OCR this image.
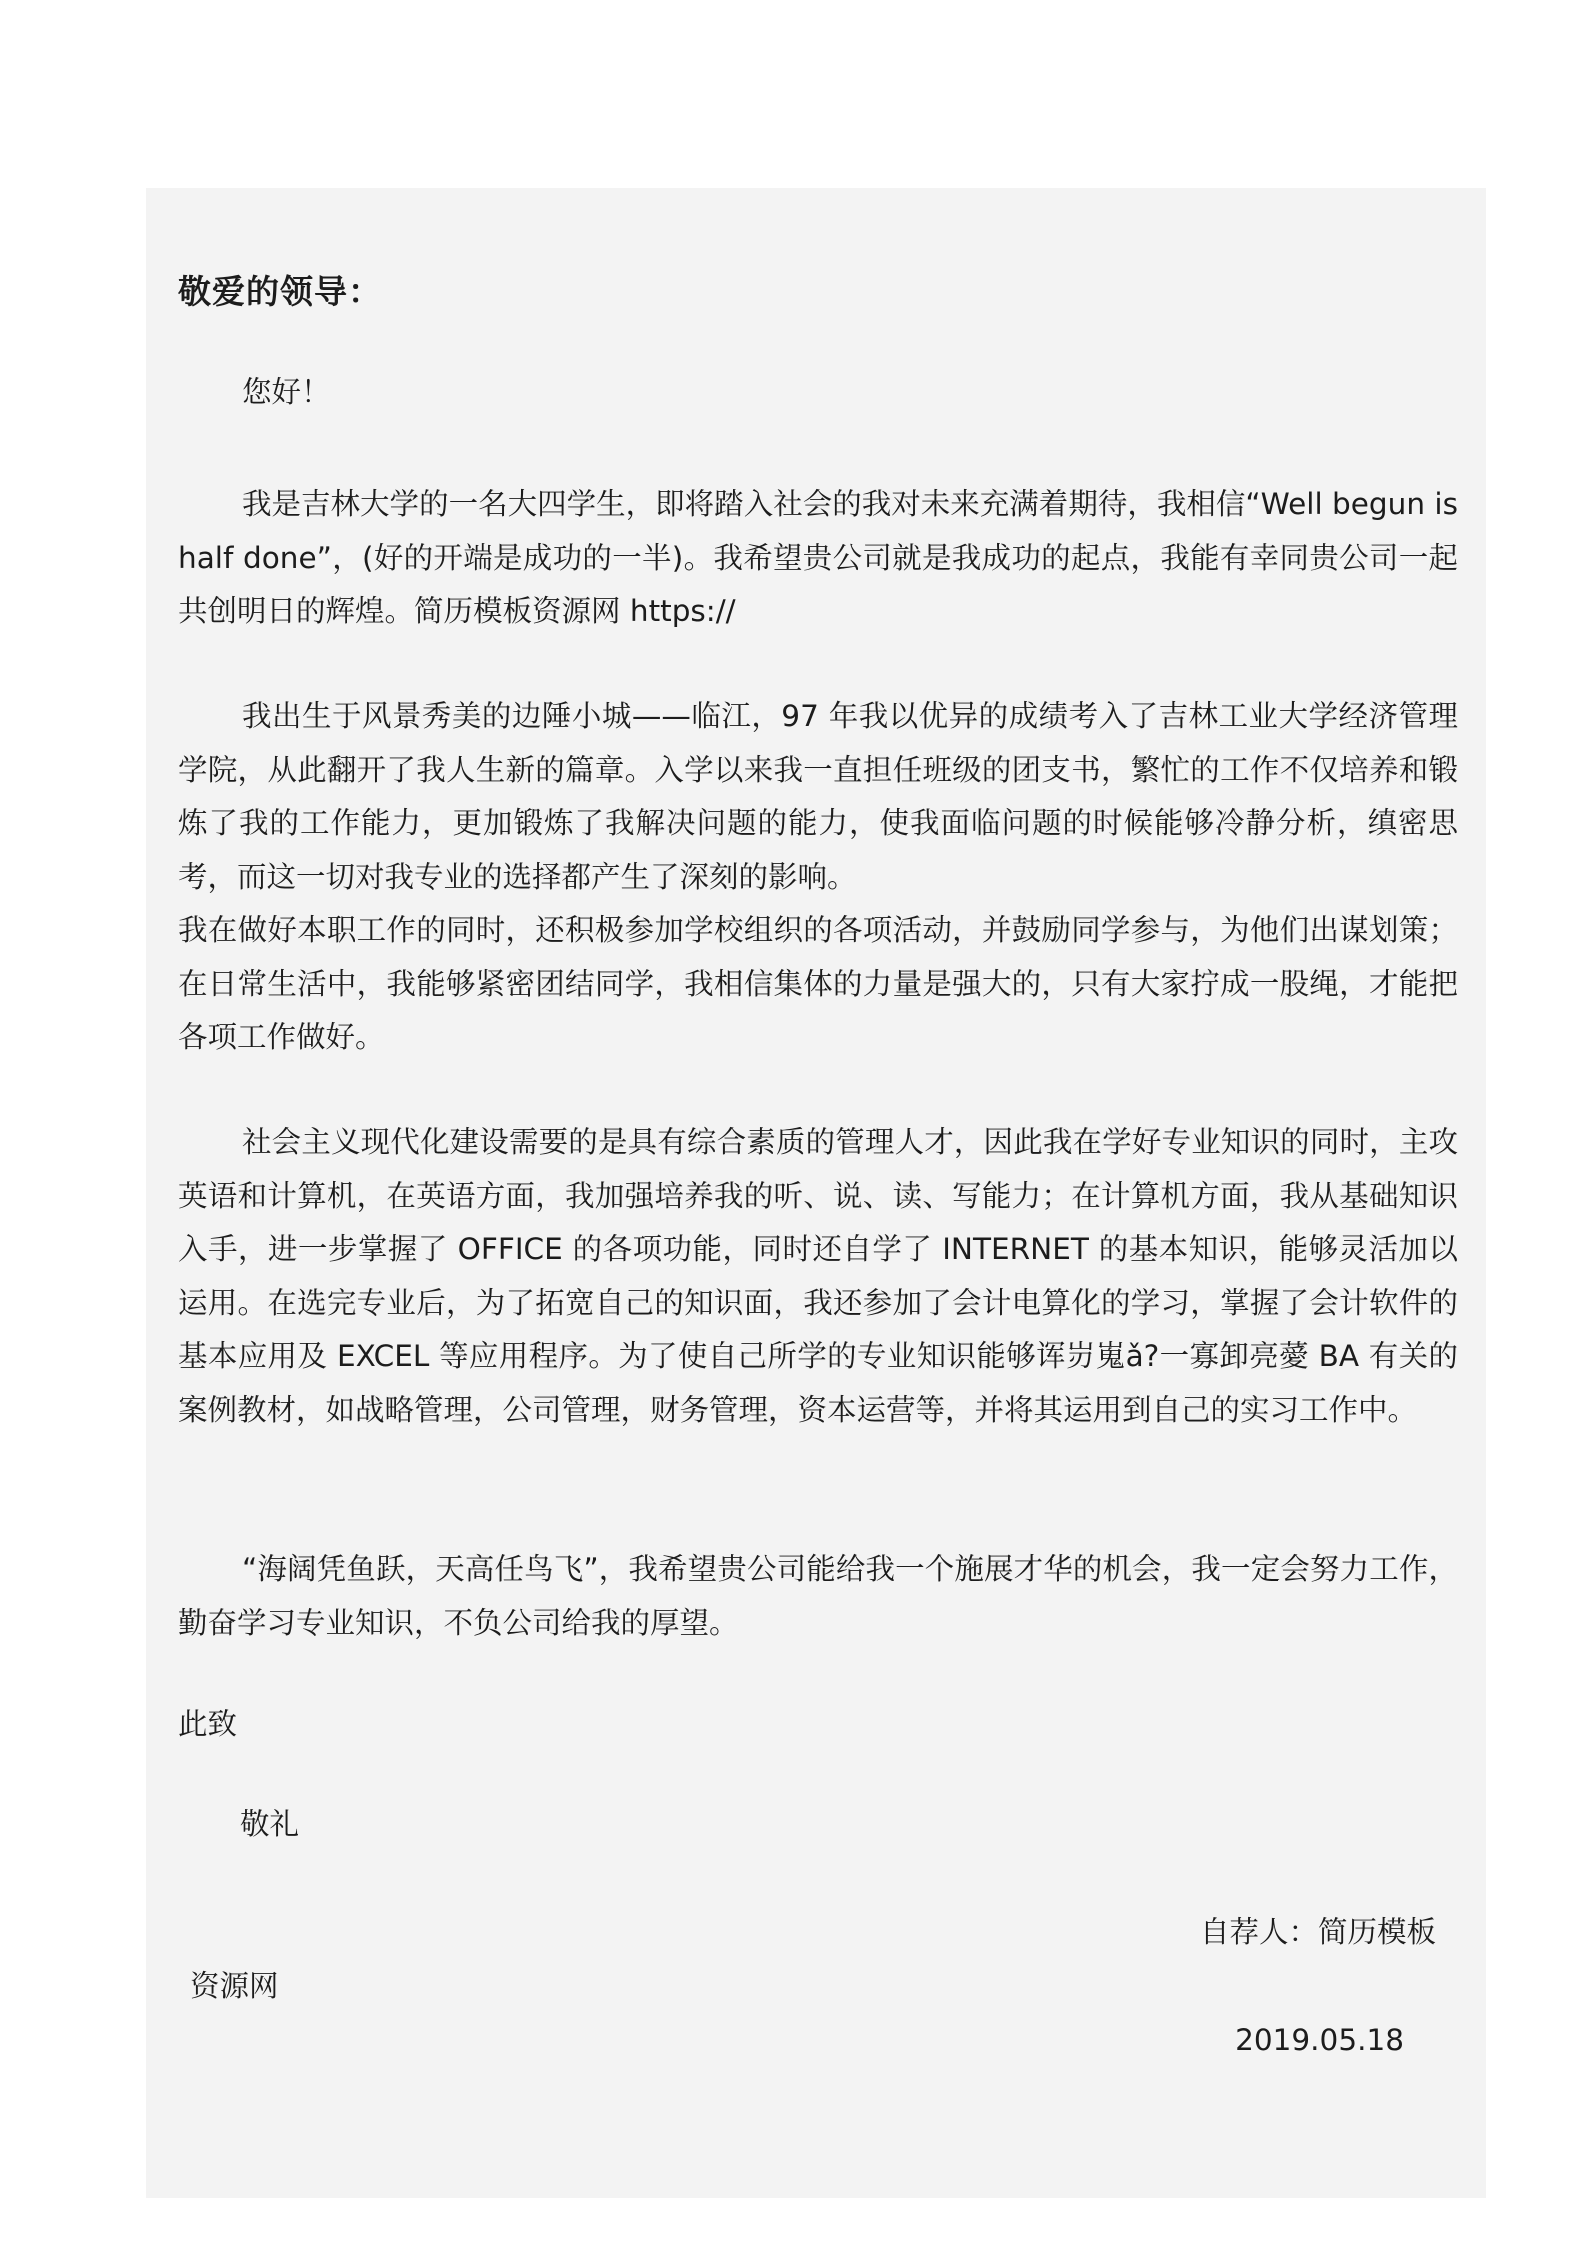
敬爱的领导：

您好！

我是吉林大学的一名大四学生，即将踏入社会的我对未来充满着期待，我相信“Well begun is half done”，(好的开端是成功的一半)。我希望贵公司就是我成功的起点，我能有幸同贵公司一起共创明日的辉煌。简历模板资源网 https://

我出生于风景秀美的边陲小城——临江，97 年我以优异的成绩考入了吉林工业大学经济管理学院，从此翻开了我人生新的篇章。入学以来我一直担任班级的团支书，繁忙的工作不仅培养和锻炼了我的工作能力，更加锻炼了我解决问题的能力，使我面临问题的时候能够冷静分析，缜密思考，而这一切对我专业的选择都产生了深刻的影响。

我在做好本职工作的同时，还积极参加学校组织的各项活动，并鼓励同学参与，为他们出谋划策；在日常生活中，我能够紧密团结同学，我相信集体的力量是强大的，只有大家拧成一股绳，才能把各项工作做好。

社会主义现代化建设需要的是具有综合素质的管理人才，因此我在学好专业知识的同时，主攻英语和计算机，在英语方面，我加强培养我的听、说、读、写能力；在计算机方面，我从基础知识入手，进一步掌握了 OFFICE 的各项功能，同时还自学了 INTERNET 的基本知识，能够灵活加以运用。在选完专业后，为了拓宽自己的知识面，我还参加了会计电算化的学习，掌握了会计软件的基本应用及 EXCEL 等应用程序。为了使自己所学的专业知识能够诨岃嵬ǎ?一寡卸亮薆 BA 有关的案例教材，如战略管理，公司管理，财务管理，资本运营等，并将其运用到自己的实习工作中。

“海阔凭鱼跃，天高任鸟飞”，我希望贵公司能给我一个施展才华的机会，我一定会努力工作，勤奋学习专业知识，不负公司给我的厚望。

此致

敬礼

自荐人：简历模板

资源网

2019.05.18
